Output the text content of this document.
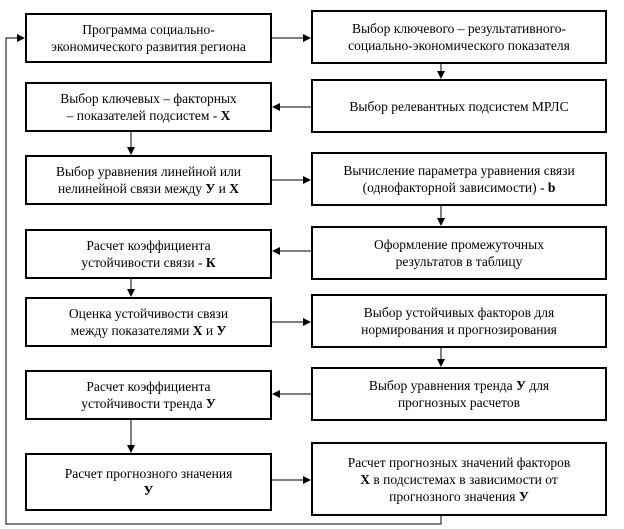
Программа социально-
экономического развития региона
Выбор ключевых – факторных
– показателей подсистем - Х
Выбор уравнения линейной или
нелинейной связи между У и Х
Расчет коэффициента
устойчивости связи - К
Оценка устойчивости связи
между показателями Х и У
Расчет коэффициента
устойчивости тренда У
Расчет прогнозного значения
У
Выбор ключевого – результативного-
социально-экономического показателя
Выбор релевантных подсистем МРЛС
Вычисление параметра уравнения связи
(однофакторной зависимости) - b
Оформление промежуточных
результатов в таблицу
Выбор устойчивых факторов для
нормирования и прогнозирования
Выбор уравнения тренда У для
прогнозных расчетов
Расчет прогнозных значений факторов
Х в подсистемах в зависимости от
прогнозного значения У
